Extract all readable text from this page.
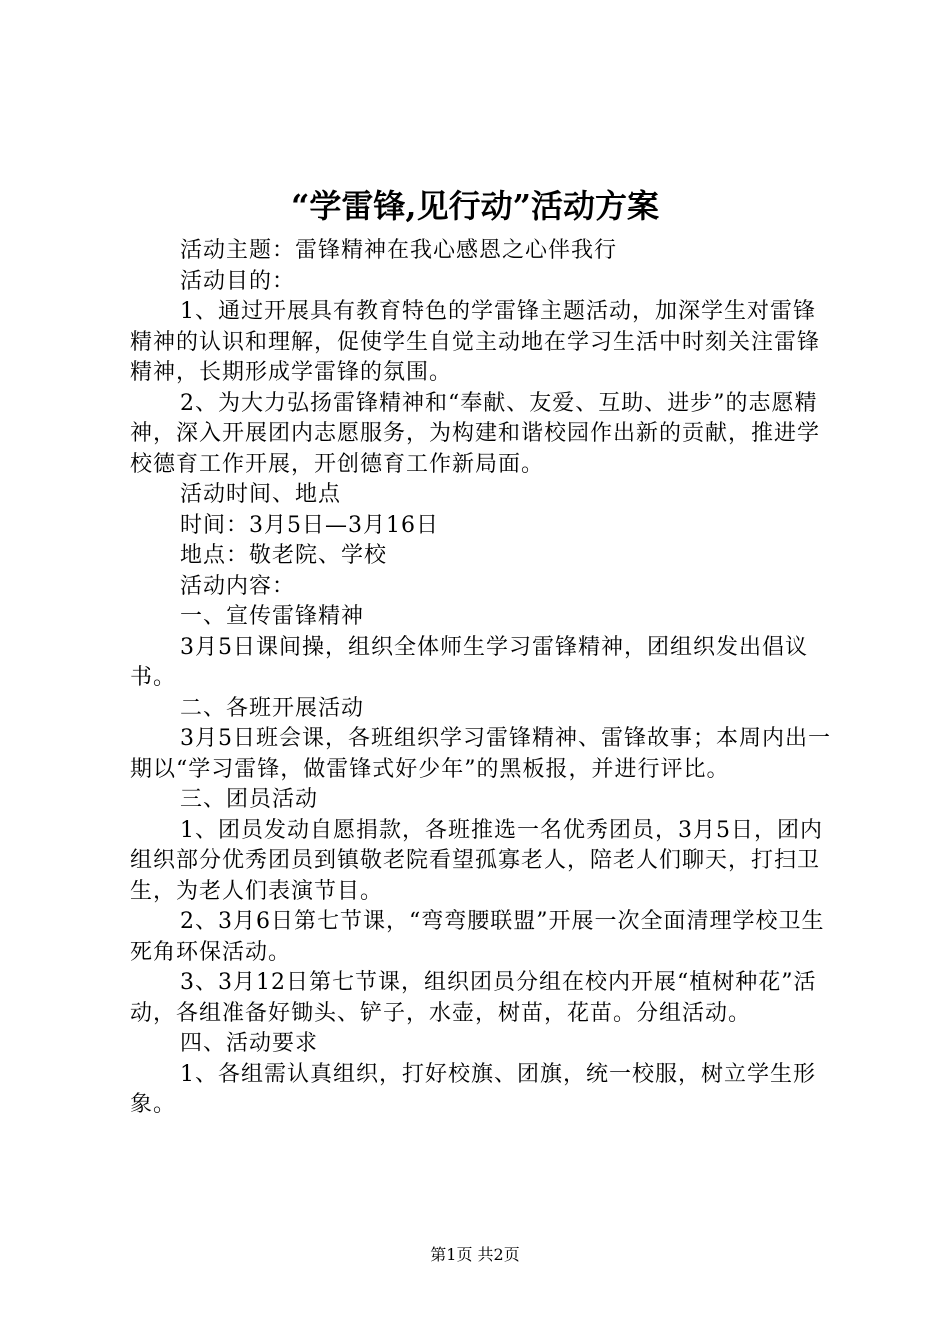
“学雷锋,见行动”活动方案

活动主题：雷锋精神在我心感恩之心伴我行

活动目的：

1、通过开展具有教育特色的学雷锋主题活动，加深学生对雷锋精神的认识和理解，促使学生自觉主动地在学习生活中时刻关注雷锋精神，长期形成学雷锋的氛围。

2、为大力弘扬雷锋精神和“奉献、友爱、互助、进步”的志愿精神，深入开展团内志愿服务，为构建和谐校园作出新的贡献，推进学校德育工作开展，开创德育工作新局面。

活动时间、地点

时间：3月5日—3月16日

地点：敬老院、学校

活动内容：

一、宣传雷锋精神

3月5日课间操，组织全体师生学习雷锋精神，团组织发出倡议书。

二、各班开展活动

3月5日班会课，各班组织学习雷锋精神、雷锋故事；本周内出一期以“学习雷锋，做雷锋式好少年”的黑板报，并进行评比。

三、团员活动

1、团员发动自愿捐款，各班推选一名优秀团员，3月5日，团内组织部分优秀团员到镇敬老院看望孤寡老人，陪老人们聊天，打扫卫生，为老人们表演节目。

2、3月6日第七节课，“弯弯腰联盟”开展一次全面清理学校卫生死角环保活动。

3、3月12日第七节课，组织团员分组在校内开展“植树种花”活动，各组准备好锄头、铲子，水壶，树苗，花苗。分组活动。

四、活动要求

1、各组需认真组织，打好校旗、团旗，统一校服，树立学生形象。

第1页 共2页
